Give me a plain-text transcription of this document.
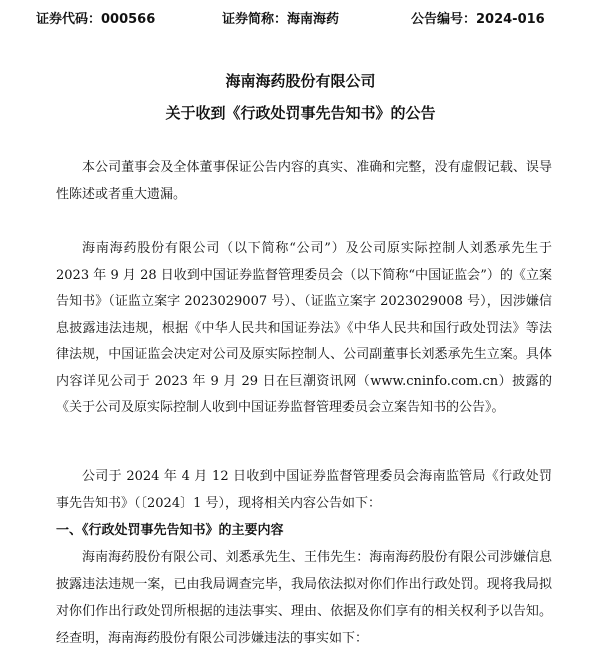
证券代码：000566	证券简称：海南海药	公告编号：2024-016
海南海药股份有限公司
关于收到《行政处罚事先告知书》的公告

本公司董事会及全体董事保证公告内容的真实、准确和完整，没有虚假记载、误导性陈述或者重大遗漏。

海南海药股份有限公司（以下简称“公司”）及公司原实际控制人刘悉承先生于 2023 年 9 月 28 日收到中国证券监督管理委员会（以下简称“中国证监会”）的《立案告知书》（证监立案字 2023029007 号）、（证监立案字 2023029008 号），因涉嫌信息披露违法违规，根据《中华人民共和国证券法》《中华人民共和国行政处罚法》等法律法规，中国证监会决定对公司及原实际控制人、公司副董事长刘悉承先生立案。具体内容详见公司于 2023 年 9 月 29 日在巨潮资讯网（www.cninfo.com.cn）披露的《关于公司及原实际控制人收到中国证券监督管理委员会立案告知书的公告》。

公司于 2024 年 4 月 12 日收到中国证券监督管理委员会海南监管局《行政处罚事先告知书》（〔2024〕1 号），现将相关内容公告如下：

一、《行政处罚事先告知书》的主要内容

海南海药股份有限公司、刘悉承先生、王伟先生：海南海药股份有限公司涉嫌信息披露违法违规一案，已由我局调查完毕，我局依法拟对你们作出行政处罚。现将我局拟对你们作出行政处罚所根据的违法事实、理由、依据及你们享有的相关权利予以告知。经查明，海南海药股份有限公司涉嫌违法的事实如下：
